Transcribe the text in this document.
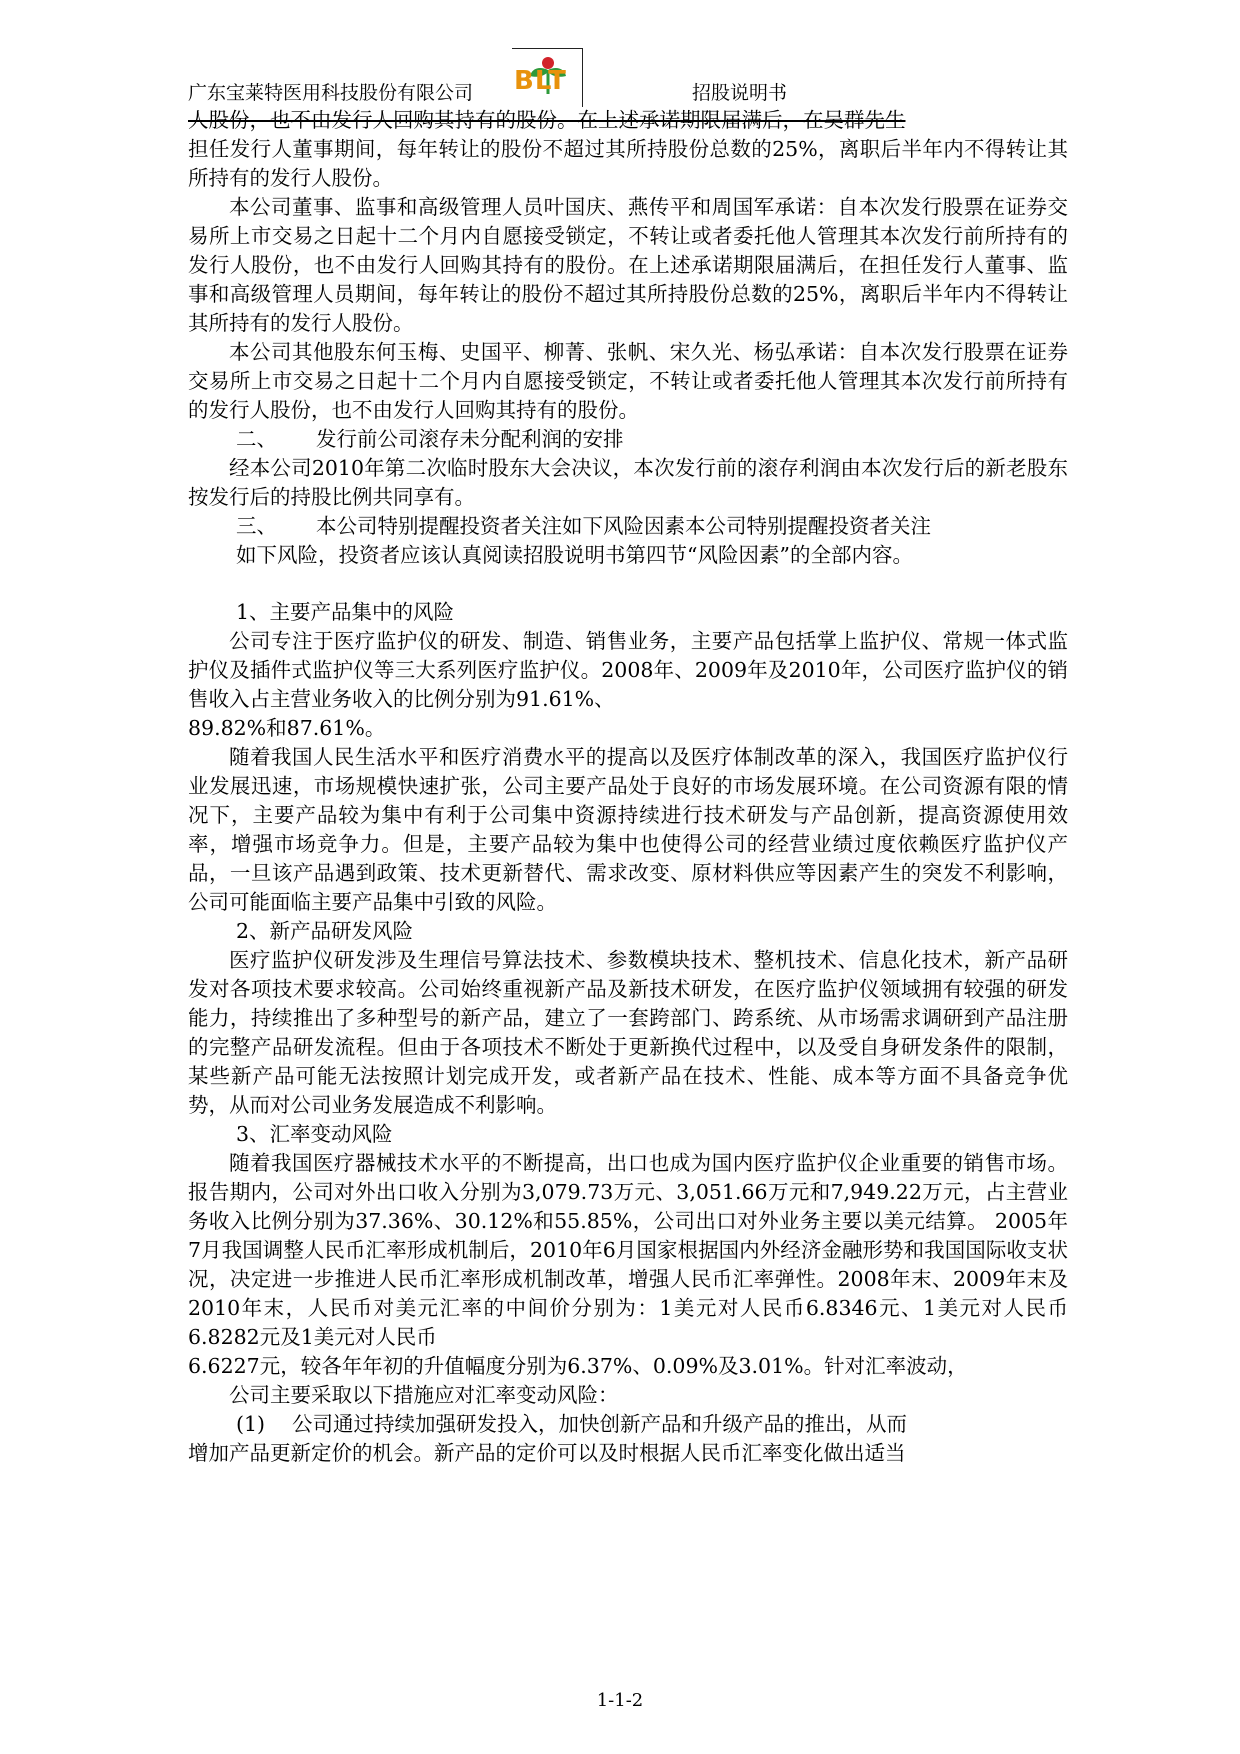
广东宝莱特医用科技股份有限公司 BLT	招股说明书

人股份，也不由发行人回购其持有的股份。在上述承诺期限届满后，在吴群先生

担任发行人董事期间，每年转让的股份不超过其所持股份总数的25%，离职后半年内不得转让其所持有的发行人股份。

本公司董事、监事和高级管理人员叶国庆、燕传平和周国军承诺：自本次发行股票在证券交易所上市交易之日起十二个月内自愿接受锁定，不转让或者委托他人管理其本次发行前所持有的发行人股份，也不由发行人回购其持有的股份。在上述承诺期限届满后，在担任发行人董事、监事和高级管理人员期间，每年转让的股份不超过其所持股份总数的25%，离职后半年内不得转让其所持有的发行人股份。

本公司其他股东何玉梅、史国平、柳菁、张帆、宋久光、杨弘承诺：自本次发行股票在证券交易所上市交易之日起十二个月内自愿接受锁定，不转让或者委托他人管理其本次发行前所持有的发行人股份，也不由发行人回购其持有的股份。

二、	发行前公司滚存未分配利润的安排

经本公司2010年第二次临时股东大会决议，本次发行前的滚存利润由本次发行后的新老股东按发行后的持股比例共同享有。

三、	本公司特别提醒投资者关注如下风险因素本公司特别提醒投资者关注

如下风险，投资者应该认真阅读招股说明书第四节“风险因素”的全部内容。

1、主要产品集中的风险

公司专注于医疗监护仪的研发、制造、销售业务，主要产品包括掌上监护仪、常规一体式监护仪及插件式监护仪等三大系列医疗监护仪。2008年、2009年及2010年，公司医疗监护仪的销售收入占主营业务收入的比例分别为91.61%、

89.82%和87.61%。

随着我国人民生活水平和医疗消费水平的提高以及医疗体制改革的深入，我国医疗监护仪行业发展迅速，市场规模快速扩张，公司主要产品处于良好的市场发展环境。在公司资源有限的情况下，主要产品较为集中有利于公司集中资源持续进行技术研发与产品创新，提高资源使用效率，增强市场竞争力。但是，主要产品较为集中也使得公司的经营业绩过度依赖医疗监护仪产品，一旦该产品遇到政策、技术更新替代、需求改变、原材料供应等因素产生的突发不利影响，公司可能面临主要产品集中引致的风险。

2、新产品研发风险

医疗监护仪研发涉及生理信号算法技术、参数模块技术、整机技术、信息化技术，新产品研发对各项技术要求较高。公司始终重视新产品及新技术研发，在医疗监护仪领域拥有较强的研发能力，持续推出了多种型号的新产品，建立了一套跨部门、跨系统、从市场需求调研到产品注册的完整产品研发流程。但由于各项技术不断处于更新换代过程中，以及受自身研发条件的限制，某些新产品可能无法按照计划完成开发，或者新产品在技术、性能、成本等方面不具备竞争优势，从而对公司业务发展造成不利影响。

3、汇率变动风险

随着我国医疗器械技术水平的不断提高，出口也成为国内医疗监护仪企业重要的销售市场。报告期内，公司对外出口收入分别为3,079.73万元、3,051.66万元和7,949.22万元，占主营业务收入比例分别为37.36%、30.12%和55.85%，公司出口对外业务主要以美元结算。 2005年7月我国调整人民币汇率形成机制后，2010年6月国家根据国内外经济金融形势和我国国际收支状况，决定进一步推进人民币汇率形成机制改革，增强人民币汇率弹性。2008年末、2009年末及2010年末，人民币对美元汇率的中间价分别为：1美元对人民币6.8346元、1美元对人民币6.8282元及1美元对人民币

6.6227元，较各年年初的升值幅度分别为6.37%、0.09%及3.01%。针对汇率波动，

公司主要采取以下措施应对汇率变动风险：

(1)	公司通过持续加强研发投入，加快创新产品和升级产品的推出，从而

增加产品更新定价的机会。新产品的定价可以及时根据人民币汇率变化做出适当

1-1-2
